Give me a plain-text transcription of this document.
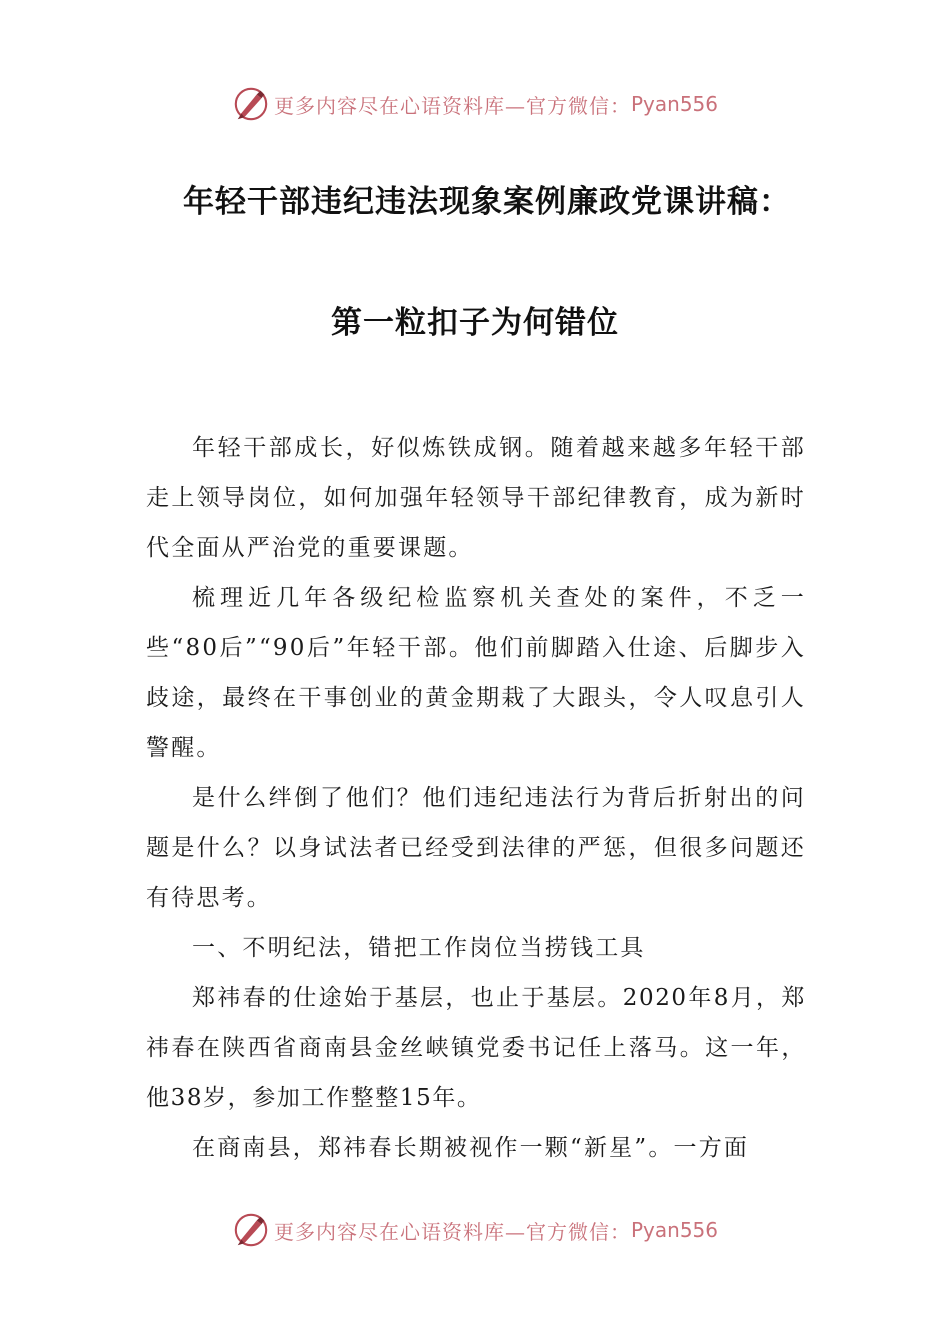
更多内容尽在心语资料库—官方微信： Pyan556
年轻干部违纪违法现象案例廉政党课讲稿：
第一粒扣子为何错位

年轻干部成长，好似炼铁成钢。随着越来越多年轻干部走上领导岗位，如何加强年轻领导干部纪律教育，成为新时代全面从严治党的重要课题。

梳理近几年各级纪检监察机关查处的案件，不乏一些“80后”“90后”年轻干部。他们前脚踏入仕途、后脚步入歧途，最终在干事创业的黄金期栽了大跟头，令人叹息引人警醒。

是什么绊倒了他们？他们违纪违法行为背后折射出的问题是什么？以身试法者已经受到法律的严惩，但很多问题还有待思考。

一、不明纪法，错把工作岗位当捞钱工具

郑祎春的仕途始于基层，也止于基层。2020年8月，郑祎春在陕西省商南县金丝峡镇党委书记任上落马。这一年，他38岁，参加工作整整15年。

在商南县，郑祎春长期被视作一颗“新星”。一方面

更多内容尽在心语资料库—官方微信： Pyan556
